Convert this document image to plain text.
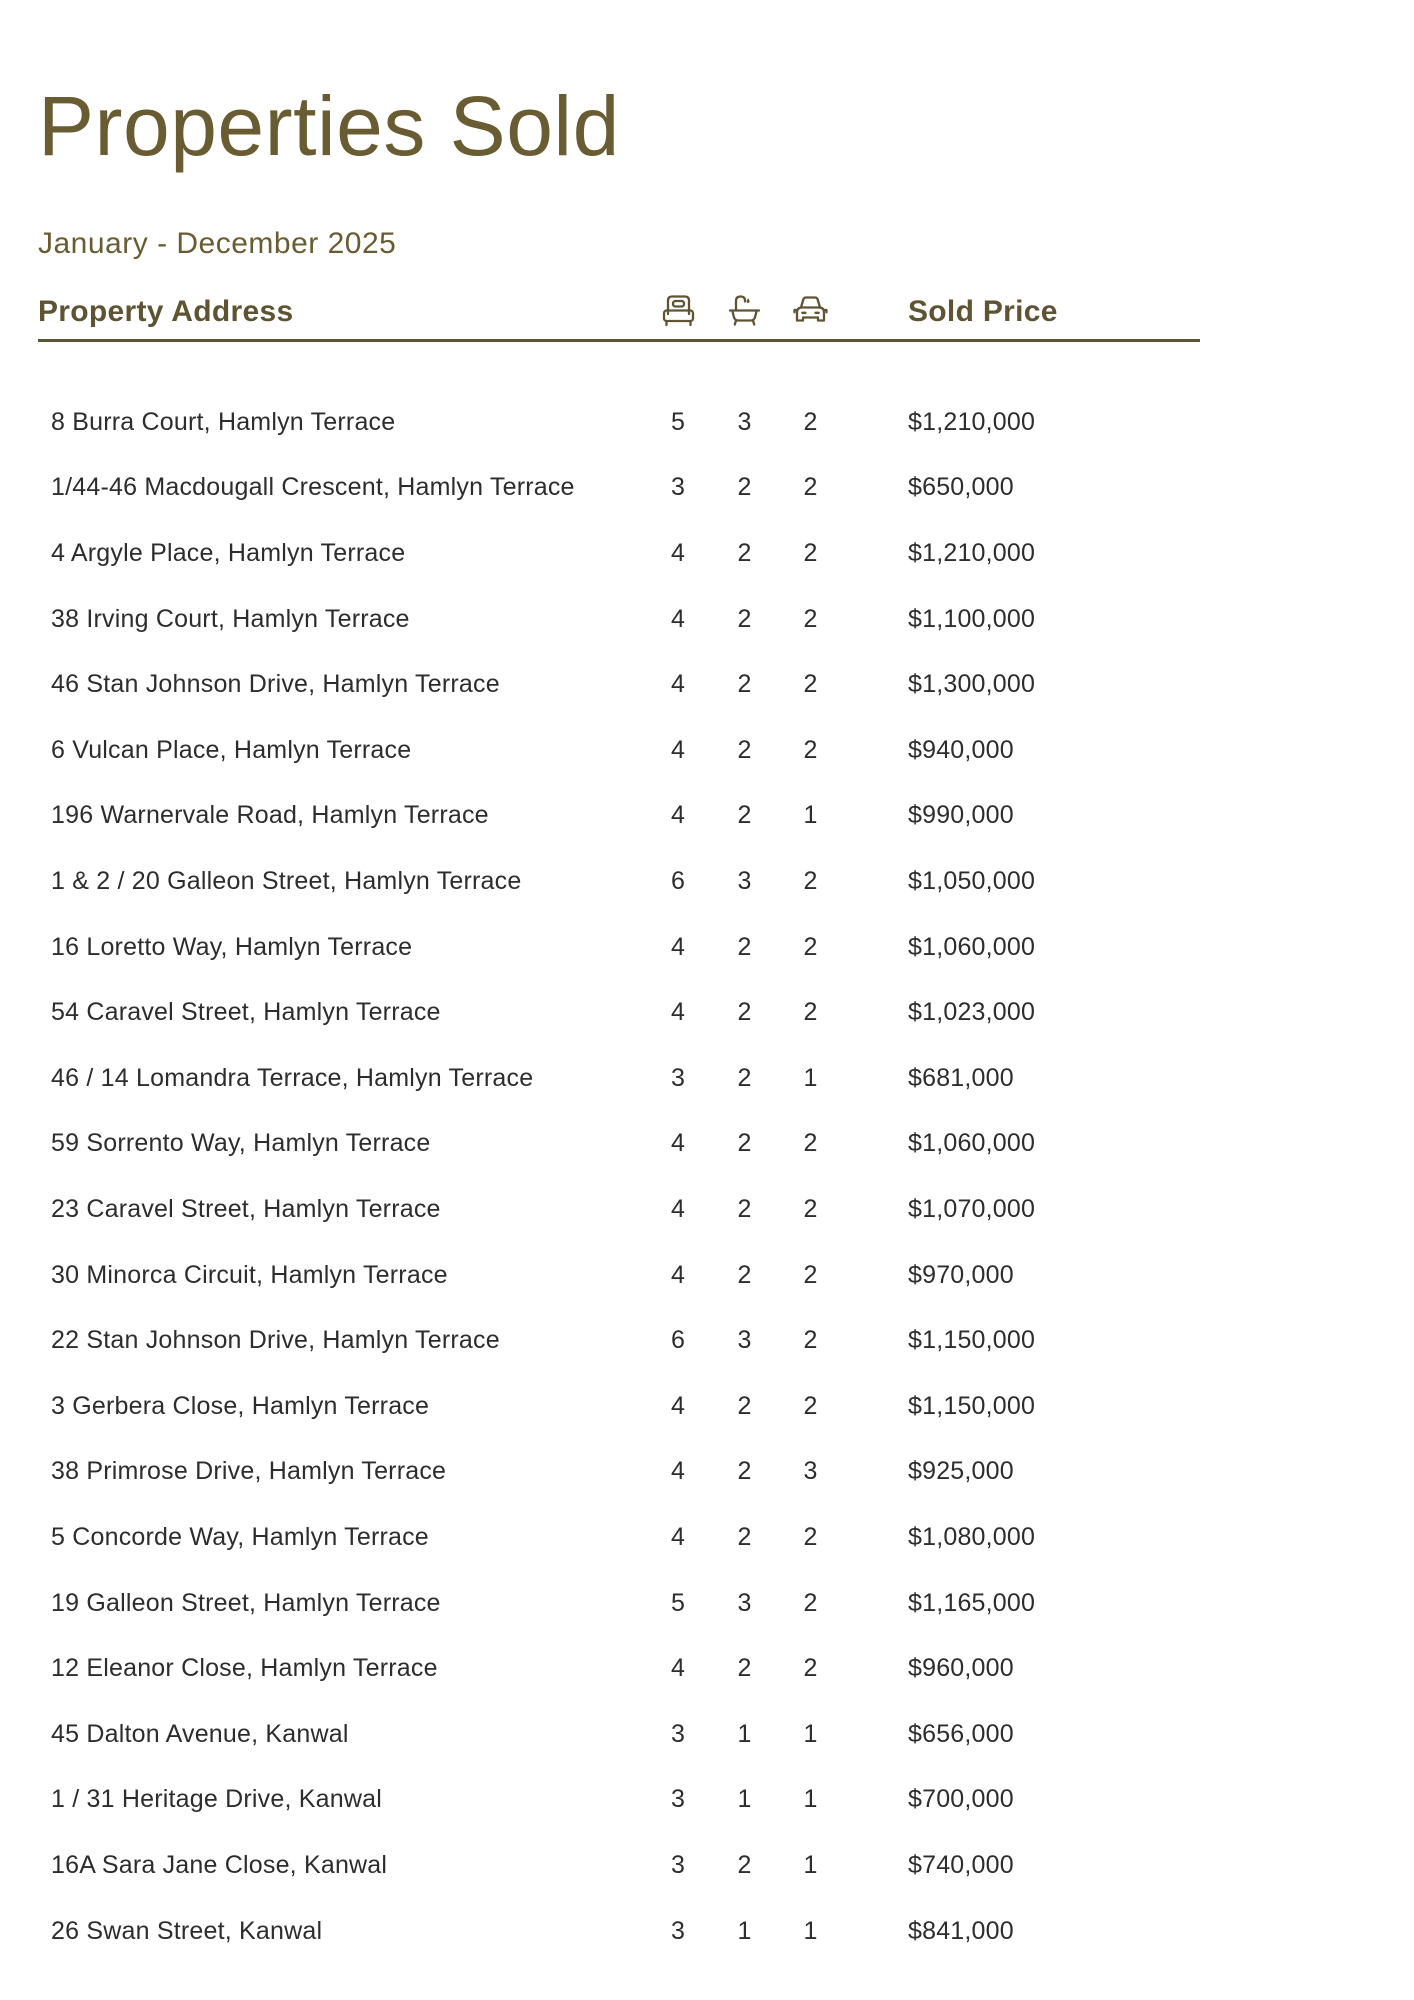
Properties Sold
January - December 2025
Property Address	Sold Price
8 Burra Court, Hamlyn Terrace	5	3	2	$1,210,000
1/44-46 Macdougall Crescent, Hamlyn Terrace	3	2	2	$650,000
4 Argyle Place, Hamlyn Terrace	4	2	2	$1,210,000
38 Irving Court, Hamlyn Terrace	4	2	2	$1,100,000
46 Stan Johnson Drive, Hamlyn Terrace	4	2	2	$1,300,000
6 Vulcan Place, Hamlyn Terrace	4	2	2	$940,000
196 Warnervale Road, Hamlyn Terrace	4	2	1	$990,000
1 & 2 / 20 Galleon Street, Hamlyn Terrace	6	3	2	$1,050,000
16 Loretto Way, Hamlyn Terrace	4	2	2	$1,060,000
54 Caravel Street, Hamlyn Terrace	4	2	2	$1,023,000
46 / 14 Lomandra Terrace, Hamlyn Terrace	3	2	1	$681,000
59 Sorrento Way, Hamlyn Terrace	4	2	2	$1,060,000
23 Caravel Street, Hamlyn Terrace	4	2	2	$1,070,000
30 Minorca Circuit, Hamlyn Terrace	4	2	2	$970,000
22 Stan Johnson Drive, Hamlyn Terrace	6	3	2	$1,150,000
3 Gerbera Close, Hamlyn Terrace	4	2	2	$1,150,000
38 Primrose Drive, Hamlyn Terrace	4	2	3	$925,000
5 Concorde Way, Hamlyn Terrace	4	2	2	$1,080,000
19 Galleon Street, Hamlyn Terrace	5	3	2	$1,165,000
12 Eleanor Close, Hamlyn Terrace	4	2	2	$960,000
45 Dalton Avenue, Kanwal	3	1	1	$656,000
1 / 31 Heritage Drive, Kanwal	3	1	1	$700,000
16A Sara Jane Close, Kanwal	3	2	1	$740,000
26 Swan Street, Kanwal	3	1	1	$841,000
